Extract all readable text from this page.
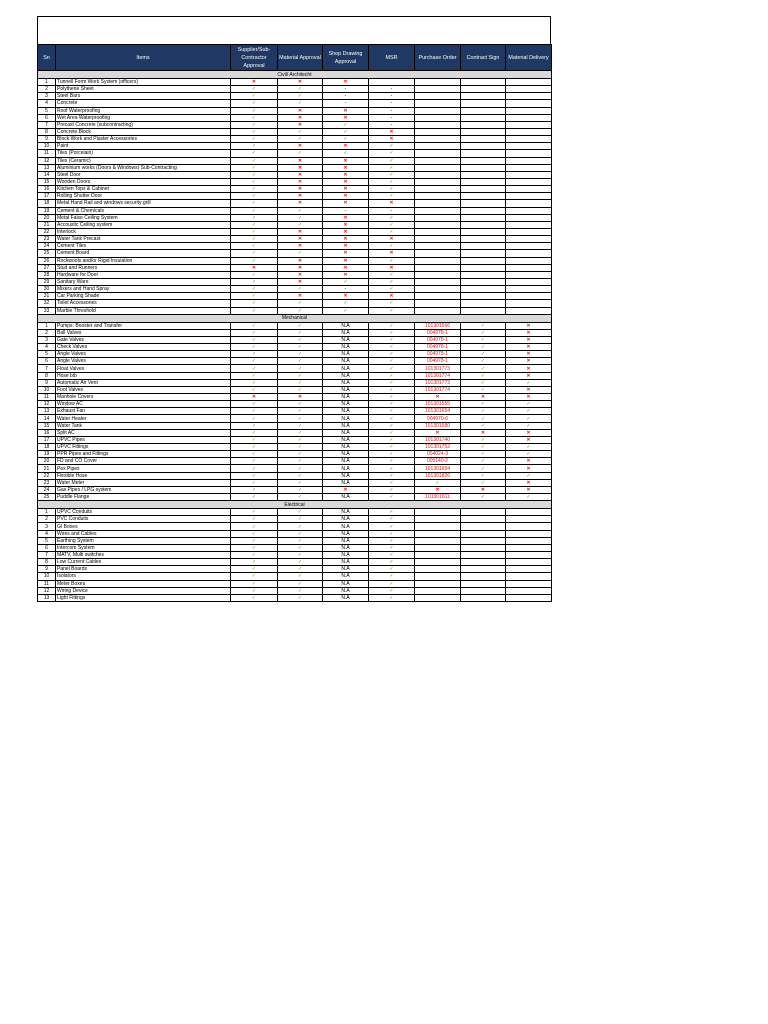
Sn	Items	Supplier/Sub-Contractor Approval	Material Approval	Shop Drawing Approval	MSR	Purchase Order	Contract Sign	Material Delivery
Civil/ Architecht								
1	Tunnell Form Work System (officers)	✕	✕	✕				
2	Polythene Sheet	✓	✓	-	-			
3	Steel Bars	✓	✓	-	-			
4	Concrete	✓	✓	-	-			
5	Roof Waterproofing	✓	✕	✕	-			
6	Wet Area Waterproofing	✓	✕	✕	-			
7	Precast Concrete (subcontracting)	✓	✕	✓	-			
8	Concrete Block	✓	✓	✓	✕			
9	Block Work and Plaster Accessories	✓	✓	✓	✕			
10	Paint	✓	✕	✕	✓			
11	Tiles (Porcelain)	✓	✓	✓	✓			
12	Tiles (Ceramic)	✓	✕	✕	✓			
13	Aluminium works (Doors & Windows) Sub-Contracting	✓	✕	✕	✓			
14	Steel Door	✓	✕	✕	✓			
15	Wooden Doors	✓	✕	✕	✓			
16	Kitchen Tops & Cabinet	✓	✕	✕	✓			
17	Rolling Shutter Door	✓	✕	✕	✓			
18	Metal Hand Rail and windows security grill	✓	✕	✕	✕			
19	Cement & Chemicals	✓	✓	-	-			
20	Metal False Ceiling System	✓	✓	✕	✓			
21	Accoustic Ceiling system	✓	✓	✕	✓			
22	Interlock	✓	✕	✕	✓			
23	Water Tank Precast	✓	✕	✕	✕			
24	Cement Tiles	✓	✕	✕	✓			
25	Cement Board	✓	✓	✕	✕			
26	Rockwools and/or Rigid Insulation	✓	✕	✕	✓			
27	Stud and Runners	✕	✕	✕	✕			
28	Hardware for Door	✓	✕	✕	✓			
29	Sanitary Ware	✓	✕	✓	✓			
30	Mixers and Hand Spray	✓	✓	-	✓			
31	Car Parking Shade	✓	✕	✕	✕			
32	Toilet Accessories	✓	✓	✓	✓			
33	Marble Threshold	✓	✓	✓	✓			
Mechanical								
1	Pumps: Booster and Transfer	✓	✓	N.A	✓	101301566	✓	✕
2	Ball Valves	✓	✓	N.A	✓	004978-1	✓	✕
3	Gate Valves	✓	✓	N.A	✓	004978-1	✓	✕
4	Check Valves	✓	✓	N.A	✓	004978-1	✓	✕
5	Angle Valves	✓	✓	N.A	✓	004978-1	✓	✕
6	Angle Valves	✓	✓	N.A	✓	004978-1	✓	✕
7	Float Valves	✓	✓	N.A	✓	101301773	✓	✕
8	Hose bib	✓	✓	N.A	✓	101301774	✓	✕
9	Automatic Air Vent	✓	✓	N.A	✓	101301773	✓	✓
10	Foot Valves	✓	✓	N.A	✓	101301774	✓	✕
11	Manhole Covers	✕	✕	N.A	✓	✕	✕	✕
12	Window AC	✓	✓	N.A	✓	101301555	✓	✓
13	Exhaust Fan	✓	✓	N.A	✓	101301654	✓	✓
14	Water Heater	✓	✓	N.A	✓	004970-6	✓	✓
15	Water Tank	✓	✓	N.A	✓	101301580	✓	✓
16	Split AC	✓	✓	N.A	✓	✕	✕	✕
17	UPVC Pipes	✓	✓	N.A	✓	101301740	✓	✕
18	UPVC Fittings	✓	✓	N.A	✓	101301752	✓	✓
19	PPR Pipes and Fittings	✓	✓	N.A	✓	004024-3	✓	✓
20	FD and CO Cover	✓	✓	N.A	✓	005140-2	✓	✕
21	Pex Pipes	✓	✓	N.A	✓	101301654	✓	✕
22	Flexible Hose	✓	✓	N.A	✓	101301826	✓	✓
23	Water Meter	✓	✓	N.A	✓	✓	✓	✕
24	Gas Pipes / LPG system	✓	✓	✕	✓	✕	✕	✕
25	Puddle Flange	✓	✓	N.A	✓	101301611	✓	✓
Electrical								
1	UPVC Conduits	✓	✓	N.A	✓			
2	PVC Conduits	✓	✓	N.A	✓			
3	GI Boxes	✓	✓	N.A	✓			
4	Wires and Cables	✓	✓	N.A	✓			
5	Earthing System	✓	✓	N.A	✓			
6	Intercom System	✓	✓	N.A	✓			
7	MATV, Multi switches	✓	✓	N.A	✓			
8	Low Current Cables	✓	✓	N.A	✓			
9	Panel Boards	✓	✓	N.A	✓			
10	Isolators	✓	✓	N.A	✓			
11	Meter Boxes	✓	✓	N.A	✓			
12	Wiring Device	✓	✓	N.A	✓			
13	Light Fittings	✓	✓	N.A	✓			
